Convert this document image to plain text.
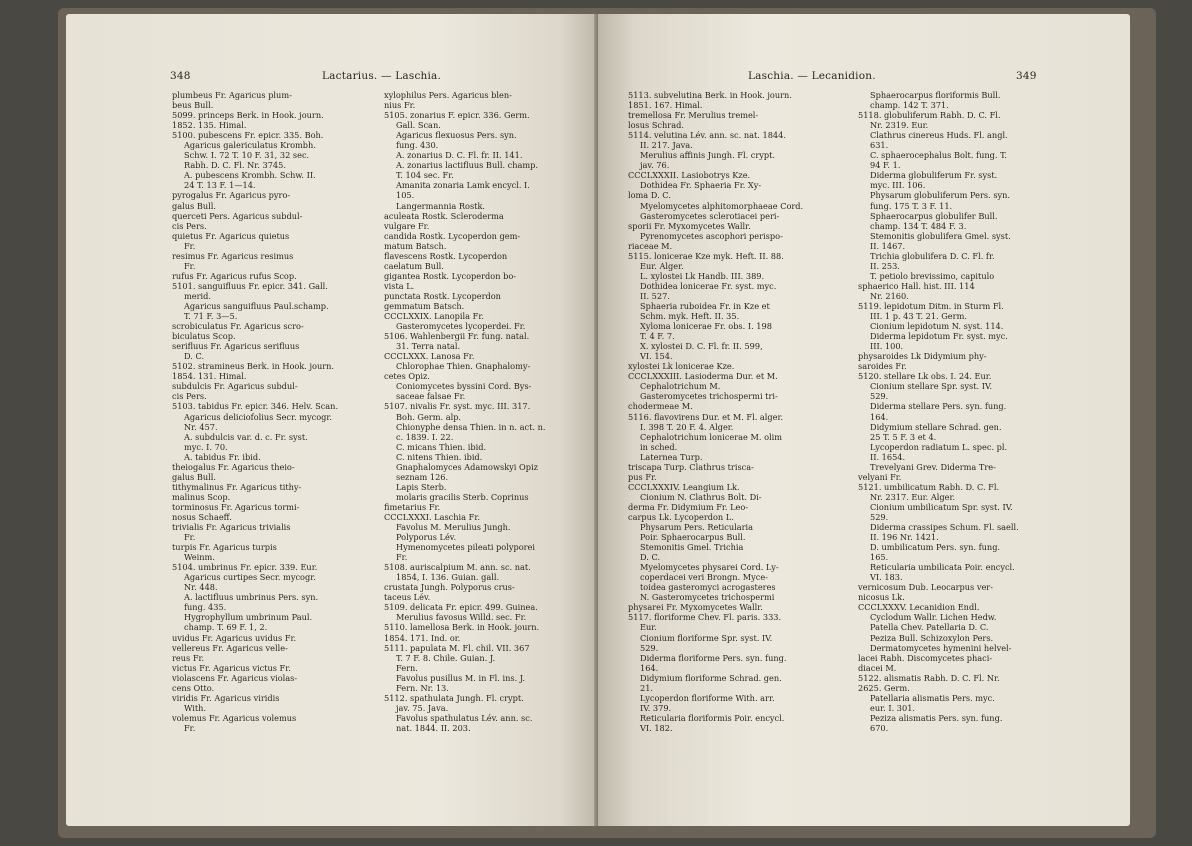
348	Lactarius. — Laschia.
plumbeus Fr. Agaricus plum-
beus Bull.
5099. princeps Berk. in Hook. journ.
1852. 135. Himal.
5100. pubescens Fr. epicr. 335. Boh.
Agaricus galericulatus Krombh.
Schw. I. 72 T. 10 F. 31, 32 sec.
Rabh. D. C. Fl. Nr. 3745.
A. pubescens Krombh. Schw. II.
24 T. 13 F. 1—14.
pyrogalus Fr. Agaricus pyro-
galus Bull.
querceti Pers. Agaricus subdul-
cis Pers.
quietus Fr. Agaricus quietus
Fr.
resimus Fr. Agaricus resimus
Fr.
rufus Fr. Agaricus rufus Scop.
5101. sanguifluus Fr. epicr. 341. Gall.
merid.
Agaricus sanguifluus Paul.schamp.
T. 71 F. 3—5.
scrobiculatus Fr. Agaricus scro-
biculatus Scop.
serifluus Fr. Agaricus serifluus
D. C.
5102. stramineus Berk. in Hook. journ.
1854. 131. Himal.
subdulcis Fr. Agaricus subdul-
cis Pers.
5103. tabidus Fr. epicr. 346. Helv. Scan.
Agaricus deliciofolius Secr. mycogr.
Nr. 457.
A. subdulcis var. d. c. Fr. syst.
myc. I. 70.
A. tabidus Fr. ibid.
theiogalus Fr. Agaricus theio-
galus Bull.
tithymalinus Fr. Agaricus tithy-
malinus Scop.
torminosus Fr. Agaricus tormi-
nosus Schaeff.
trivialis Fr. Agaricus trivialis
Fr.
turpis Fr. Agaricus turpis
Weinm.
5104. umbrinus Fr. epicr. 339. Eur.
Agaricus curtipes Secr. mycogr.
Nr. 448.
A. lactifluus umbrinus Pers. syn.
fung. 435.
Hygrophyllum umbrinum Paul.
champ. T. 69 F. 1, 2.
uvidus Fr. Agaricus uvidus Fr.
vellereus Fr. Agaricus velle-
reus Fr.
victus Fr. Agaricus victus Fr.
violascens Fr. Agaricus violas-
cens Otto.
viridis Fr. Agaricus viridis
With.
volemus Fr. Agaricus volemus
Fr.
xylophilus Pers. Agaricus blen-
nius Fr.
5105. zonarius F. epicr. 336. Germ.
Gall. Scan.
Agaricus flexuosus Pers. syn.
fung. 430.
A. zonarius D. C. Fl. fr. II. 141.
A. zonarius lactifluus Bull. champ.
T. 104 sec. Fr.
Amanita zonaria Lamk encycl. I.
105.
Langermannia Rostk.
aculeata Rostk. Scleroderma
vulgare Fr.
candida Rostk. Lycoperdon gem-
matum Batsch.
flavescens Rostk. Lycoperdon
caelatum Bull.
gigantea Rostk. Lycoperdon bo-
vista L.
punctata Rostk. Lycoperdon
gemmatum Batsch.
CCCLXXIX. Lanopila Fr.
Gasteromycetes lycoperdei. Fr.
5106. Wahlenbergii Fr. fung. natal.
31. Terra natal.
CCCLXXX. Lanosa Fr.
Chlorophae Thien. Gnaphalomy-
cetes Opiz.
Coniomycetes byssini Cord. Bys-
saceae falsae Fr.
5107. nivalis Fr. syst. myc. III. 317.
Boh. Germ. alp.
Chionyphe densa Thien. in n. act. n.
c. 1839. I. 22.
C. micans Thien. ibid.
C. nitens Thien. ibid.
Gnaphalomyces Adamowskyi Opiz
seznam 126.
Lapis Sterb.
molaris gracilis Sterb. Coprinus
fimetarius Fr.
CCCLXXXI. Laschia Fr.
Favolus M. Merulius Jungh.
Polyporus Lév.
Hymenomycetes pileati polyporei
Fr.
5108. auriscalpium M. ann. sc. nat.
1854, I. 136. Guian. gall.
crustata Jungh. Polyporus crus-
taceus Lév.
5109. delicata Fr. epicr. 499. Guinea.
Merulius favosus Willd. sec. Fr.
5110. lamellosa Berk. in Hook. journ.
1854. 171. Ind. or.
5111. papulata M. Fl. chil. VII. 367
T. 7 F. 8. Chile. Guian. J.
Fern.
Favolus pusillus M. in Fl. ins. J.
Fern. Nr. 13.
5112. spathulata Jungh. Fl. crypt.
jav. 75. Java.
Favolus spathulatus Lév. ann. sc.
nat. 1844. II. 203.
Laschia. — Lecanidion.	349
5113. subvelutina Berk. in Hook. journ.
1851. 167. Himal.
tremellosa Fr. Merulius tremel-
losus Schrad.
5114. velutina Lév. ann. sc. nat. 1844.
II. 217. Java.
Merulius affinis Jungh. Fl. crypt.
jav. 76.
CCCLXXXII. Lasiobotrys Kze.
Dothidea Fr. Sphaeria Fr. Xy-
loma D. C.
Myelomycetes alphitomorphaeae Cord.
Gasteromycetes sclerotiacei peri-
sporii Fr. Myxomycetes Wallr.
Pyrenomycetes ascophori perispo-
riaceae M.
5115. lonicerae Kze myk. Heft. II. 88.
Eur. Alger.
L. xylostei Lk Handb. III. 389.
Dothidea lonicerae Fr. syst. myc.
II. 527.
Sphaeria ruboidea Fr. in Kze et
Schm. myk. Heft. II. 35.
Xyloma lonicerae Fr. obs. I. 198
T. 4 F. 7.
X. xylostei D. C. Fl. fr. II. 599,
VI. 154.
xylostei Lk lonicerae Kze.
CCCLXXXIII. Lasioderma Dur. et M.
Cephalotrichum M.
Gasteromycetes trichospermi tri-
chodermeae M.
5116. flavovirens Dur. et M. Fl. alger.
I. 398 T. 20 F. 4. Alger.
Cephalotrichum lonicerae M. olim
in sched.
Laternea Turp.
triscapa Turp. Clathrus trisca-
pus Fr.
CCCLXXXIV. Leangium Lk.
Cionium N. Clathrus Bolt. Di-
derma Fr. Didymium Fr. Leo-
carpus Lk. Lycoperdon L.
Physarum Pers. Reticularia
Poir. Sphaerocarpus Bull.
Stemonitis Gmel. Trichia
D. C.
Myelomycetes physarei Cord. Ly-
coperdacei veri Brongn. Myce-
toidea gasteromyci acrogasteres
N. Gasteromycetes trichospermi
physarei Fr. Myxomycetes Wallr.
5117. floriforme Chev. Fl. paris. 333.
Eur.
Cionium floriforme Spr. syst. IV.
529.
Diderma floriforme Pers. syn. fung.
164.
Didymium floriforme Schrad. gen.
21.
Lycoperdon floriforme With. arr.
IV. 379.
Reticularia floriformis Poir. encycl.
VI. 182.
Sphaerocarpus floriformis Bull.
champ. 142 T. 371.
5118. globuliferum Rabh. D. C. Fl.
Nr. 2319. Eur.
Clathrus cinereus Huds. Fl. angl.
631.
C. sphaerocephalus Bolt. fung. T.
94 F. 1.
Diderma globuliferum Fr. syst.
myc. III. 106.
Physarum globuliferum Pers. syn.
fung. 175 T. 3 F. 11.
Sphaerocarpus globulifer Bull.
champ. 134 T. 484 F. 3.
Stemonitis globulifera Gmel. syst.
II. 1467.
Trichia globulifera D. C. Fl. fr.
II. 253.
T. petiolo brevissimo, capitulo
sphaerico Hall. hist. III. 114
Nr. 2160.
5119. lepidotum Ditm. in Sturm Fl.
III. 1 p. 43 T. 21. Germ.
Cionium lepidotum N. syst. 114.
Diderma lepidotum Fr. syst. myc.
III. 100.
physaroides Lk Didymium phy-
saroides Fr.
5120. stellare Lk obs. I. 24. Eur.
Cionium stellare Spr. syst. IV.
529.
Diderma stellare Pers. syn. fung.
164.
Didymium stellare Schrad. gen.
25 T. 5 F. 3 et 4.
Lycoperdon radiatum L. spec. pl.
II. 1654.
Trevelyani Grev. Diderma Tre-
velyani Fr.
5121. umbilicatum Rabh. D. C. Fl.
Nr. 2317. Eur. Alger.
Cionium umbilicatum Spr. syst. IV.
529.
Diderma crassipes Schum. Fl. saell.
II. 196 Nr. 1421.
D. umbilicatum Pers. syn. fung.
165.
Reticularia umbilicata Poir. encycl.
VI. 183.
vernicosum Dub. Leocarpus ver-
nicosus Lk.
CCCLXXXV. Lecanidion Endl.
Cyclodum Wallr. Lichen Hedw.
Patella Chev. Patellaria D. C.
Peziza Bull. Schizoxylon Pers.
Dermatomycetes hymenini helvel-
lacei Rabh. Discomycetes phaci-
diacei M.
5122. alismatis Rabh. D. C. Fl. Nr.
2625. Germ.
Patellaria alismatis Pers. myc.
eur. I. 301.
Peziza alismatis Pers. syn. fung.
670.
